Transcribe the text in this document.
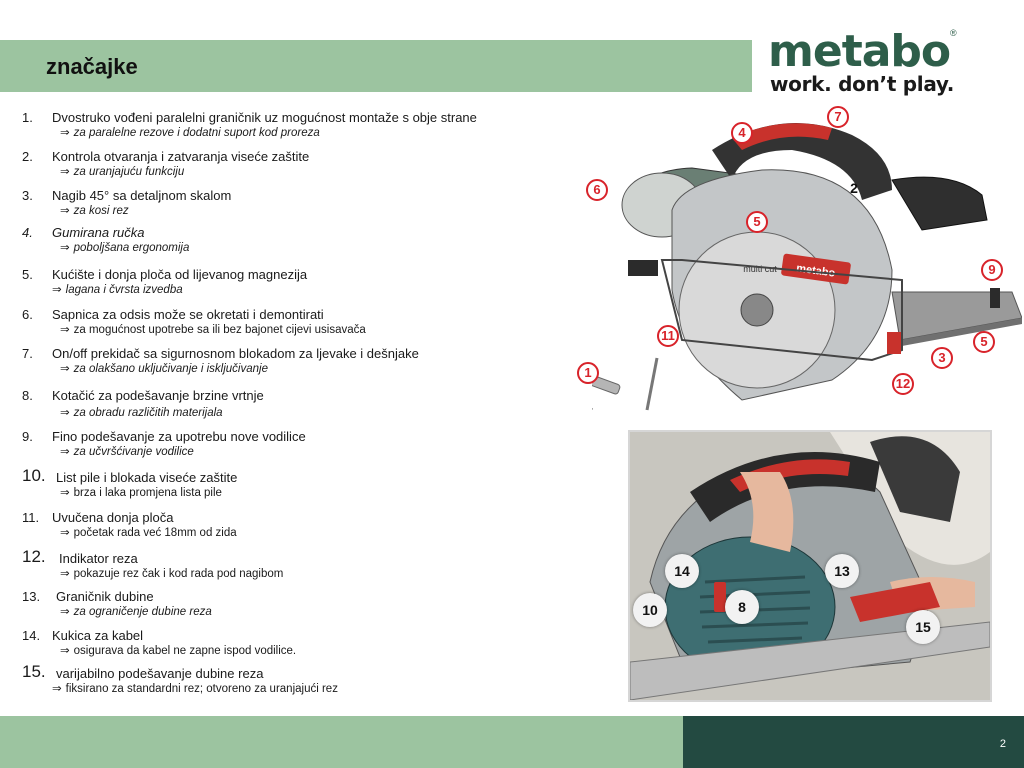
značajke	metabo ®
work. don’t play.
1.	Dvostruko vođeni paralelni graničnik uz mogućnost montaže s obje strane
⇒ za paralelne rezove i dodatni suport kod proreza
2.	Kontrola otvaranja i zatvaranja viseće zaštite
⇒ za uranjajuću funkciju
3.	Nagib 45° sa detaljnom skalom
⇒ za kosi rez
4.	Gumirana ručka
⇒ poboljšana ergonomija
5.	Kućište i donja ploča od lijevanog magnezija
⇒ lagana i čvrsta izvedba
6.	Sapnica za odsis može se okretati i demontirati
⇒ za mogućnost upotrebe sa ili bez bajonet cijevi usisavača
7.	On/off prekidač sa sigurnosnom blokadom za ljevake i dešnjake
⇒ za olakšano uključivanje i isključivanje
8.	Kotačić za podešavanje brzine vrtnje
⇒ za obradu različitih materijala
9.	Fino podešavanje za upotrebu nove vodilice
⇒ za učvršćivanje vodilice
10. List pile i blokada viseće zaštite
⇒ brza i laka promjena lista pile
11. Uvučena donja ploča
⇒ početak rada već 18mm od zida
12.	Indikator reza
⇒ pokazuje rez čak i kod rada pod nagibom
13.	Graničnik dubine
⇒ za ograničenje dubine reza
14. Kukica za kabel
⇒ osigurava da kabel ne zapne ispod vodilice.
15. varijabilno podešavanje dubine reza
⇒ fiksirano za standardni rez; otvoreno za uranjajući rez
metabo
multi cut
7
4
6	2
5
9
11	5
3
1
12
14	13
10	8
15
2
